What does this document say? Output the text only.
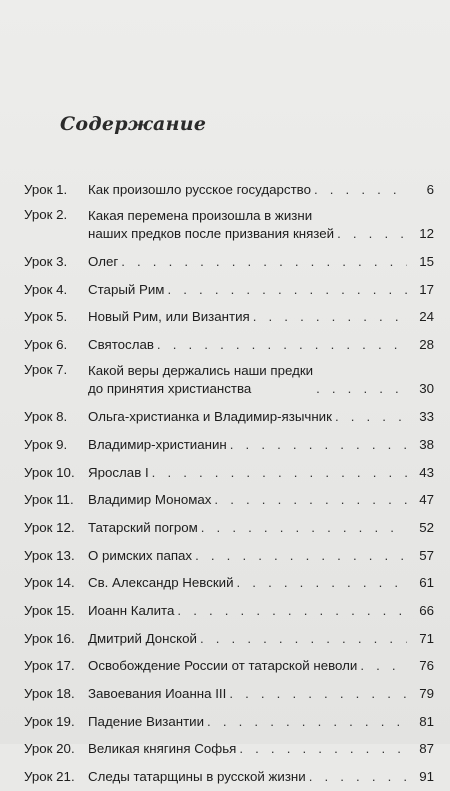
Содержание
Урок 1.	Как произошло русское государство . . .	6
Урок 2.	Какая перемена произошла в жизни
наших предков после призвания князей . . .	12
Урок 3.	Олег . . .	15
Урок 4.	Старый Рим . . .	17
Урок 5.	Новый Рим, или Византия . . .	24
Урок 6.	Святослав . . .	28
Урок 7.	Какой веры держались наши предки
до принятия христианства . . .	30
Урок 8.	Ольга-христианка и Владимир-язычник . . .	33
Урок 9.	Владимир-христианин . . .	38
Урок 10.	Ярослав I . . .	43
Урок 11.	Владимир Мономах . . .	47
Урок 12.	Татарский погром . . .	52
Урок 13.	О римских папах . . .	57
Урок 14.	Св. Александр Невский . . .	61
Урок 15.	Иоанн Калита . . .	66
Урок 16.	Дмитрий Донской . . .	71
Урок 17.	Освобождение России от татарской неволи . . .	76
Урок 18.	Завоевания Иоанна III . . .	79
Урок 19.	Падение Византии . . .	81
Урок 20.	Великая княгиня Софья . . .	87
Урок 21.	Следы татарщины в русской жизни . . .	91
